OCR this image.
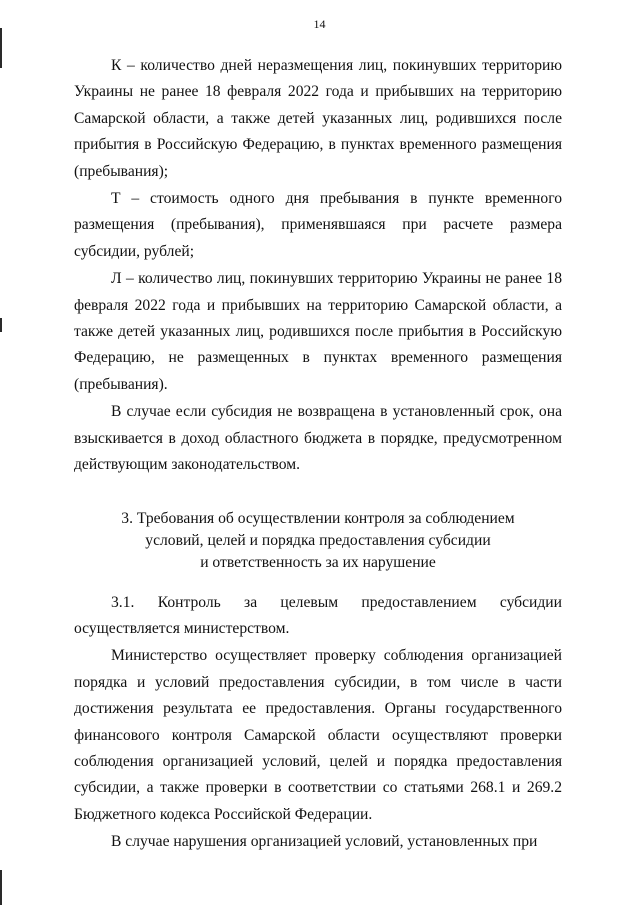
14

К – количество дней неразмещения лиц, покинувших территорию Украины не ранее 18 февраля 2022 года и прибывших на территорию Самарской области, а также детей указанных лиц, родившихся после прибытия в Российскую Федерацию, в пунктах временного размещения (пребывания);

Т – стоимость одного дня пребывания в пункте временного размещения (пребывания), применявшаяся при расчете размера субсидии, рублей;

Л – количество лиц, покинувших территорию Украины не ранее 18 февраля 2022 года и прибывших на территорию Самарской области, а также детей указанных лиц, родившихся после прибытия в Российскую Федерацию, не размещенных в пунктах временного размещения (пребывания).

В случае если субсидия не возвращена в установленный срок, она взыскивается в доход областного бюджета в порядке, предусмотренном действующим законодательством.

3. Требования об осуществлении контроля за соблюдением
условий, целей и порядка предоставления субсидии
и ответственность за их нарушение

3.1. Контроль за целевым предоставлением субсидии осуществляется министерством.

Министерство осуществляет проверку соблюдения организацией порядка и условий предоставления субсидии, в том числе в части достижения результата ее предоставления. Органы государственного финансового контроля Самарской области осуществляют проверки соблюдения организацией условий, целей и порядка предоставления субсидии, а также проверки в соответствии со статьями 268.1 и 269.2 Бюджетного кодекса Российской Федерации.

В случае нарушения организацией условий, установленных при
